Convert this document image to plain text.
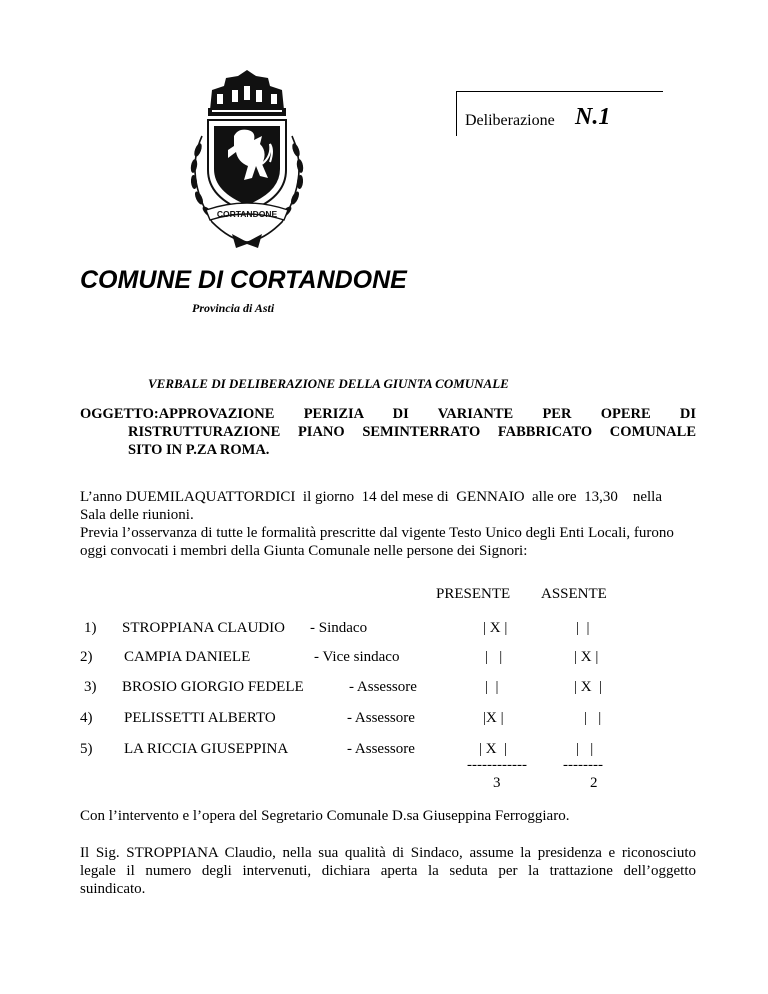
CORTANDONE
Deliberazione N.1
COMUNE DI CORTANDONE
Provincia di Asti
VERBALE DI DELIBERAZIONE DELLA GIUNTA COMUNALE
OGGETTO:APPROVAZIONE PERIZIA DI VARIANTE PER OPERE DI
RISTRUTTURAZIONE PIANO SEMINTERRATO FABBRICATO COMUNALE
SITO IN P.ZA ROMA.
L’anno DUEMILAQUATTORDICI  il giorno  14 del mese di  GENNAIO  alle ore  13,30    nella
Sala delle riunioni.
Previa l’osservanza di tutte le formalità prescritte dal vigente Testo Unico degli Enti Locali, furono
oggi convocati i membri della Giunta Comunale nelle persone dei Signori:
PRESENTE ASSENTE
1) STROPPIANA CLAUDIO - Sindaco	| X |	|  |
2) CAMPIA DANIELE	- Vice sindaco	|   |	| X |
3) BROSIO GIORGIO FEDELE	- Assessore	|  |	| X  |
4) PELISSETTI ALBERTO	- Assessore	|X |	|   |
5) LA RICCIA GIUSEPPINA	- Assessore	| X  |	|   |
------------ --------
3	2
Con l’intervento e l’opera del Segretario Comunale D.sa Giuseppina Ferroggiaro.
Il Sig. STROPPIANA Claudio, nella sua qualità di Sindaco, assume la presidenza e riconosciuto
legale il numero degli intervenuti, dichiara aperta la seduta per la trattazione dell’oggetto
suindicato.
